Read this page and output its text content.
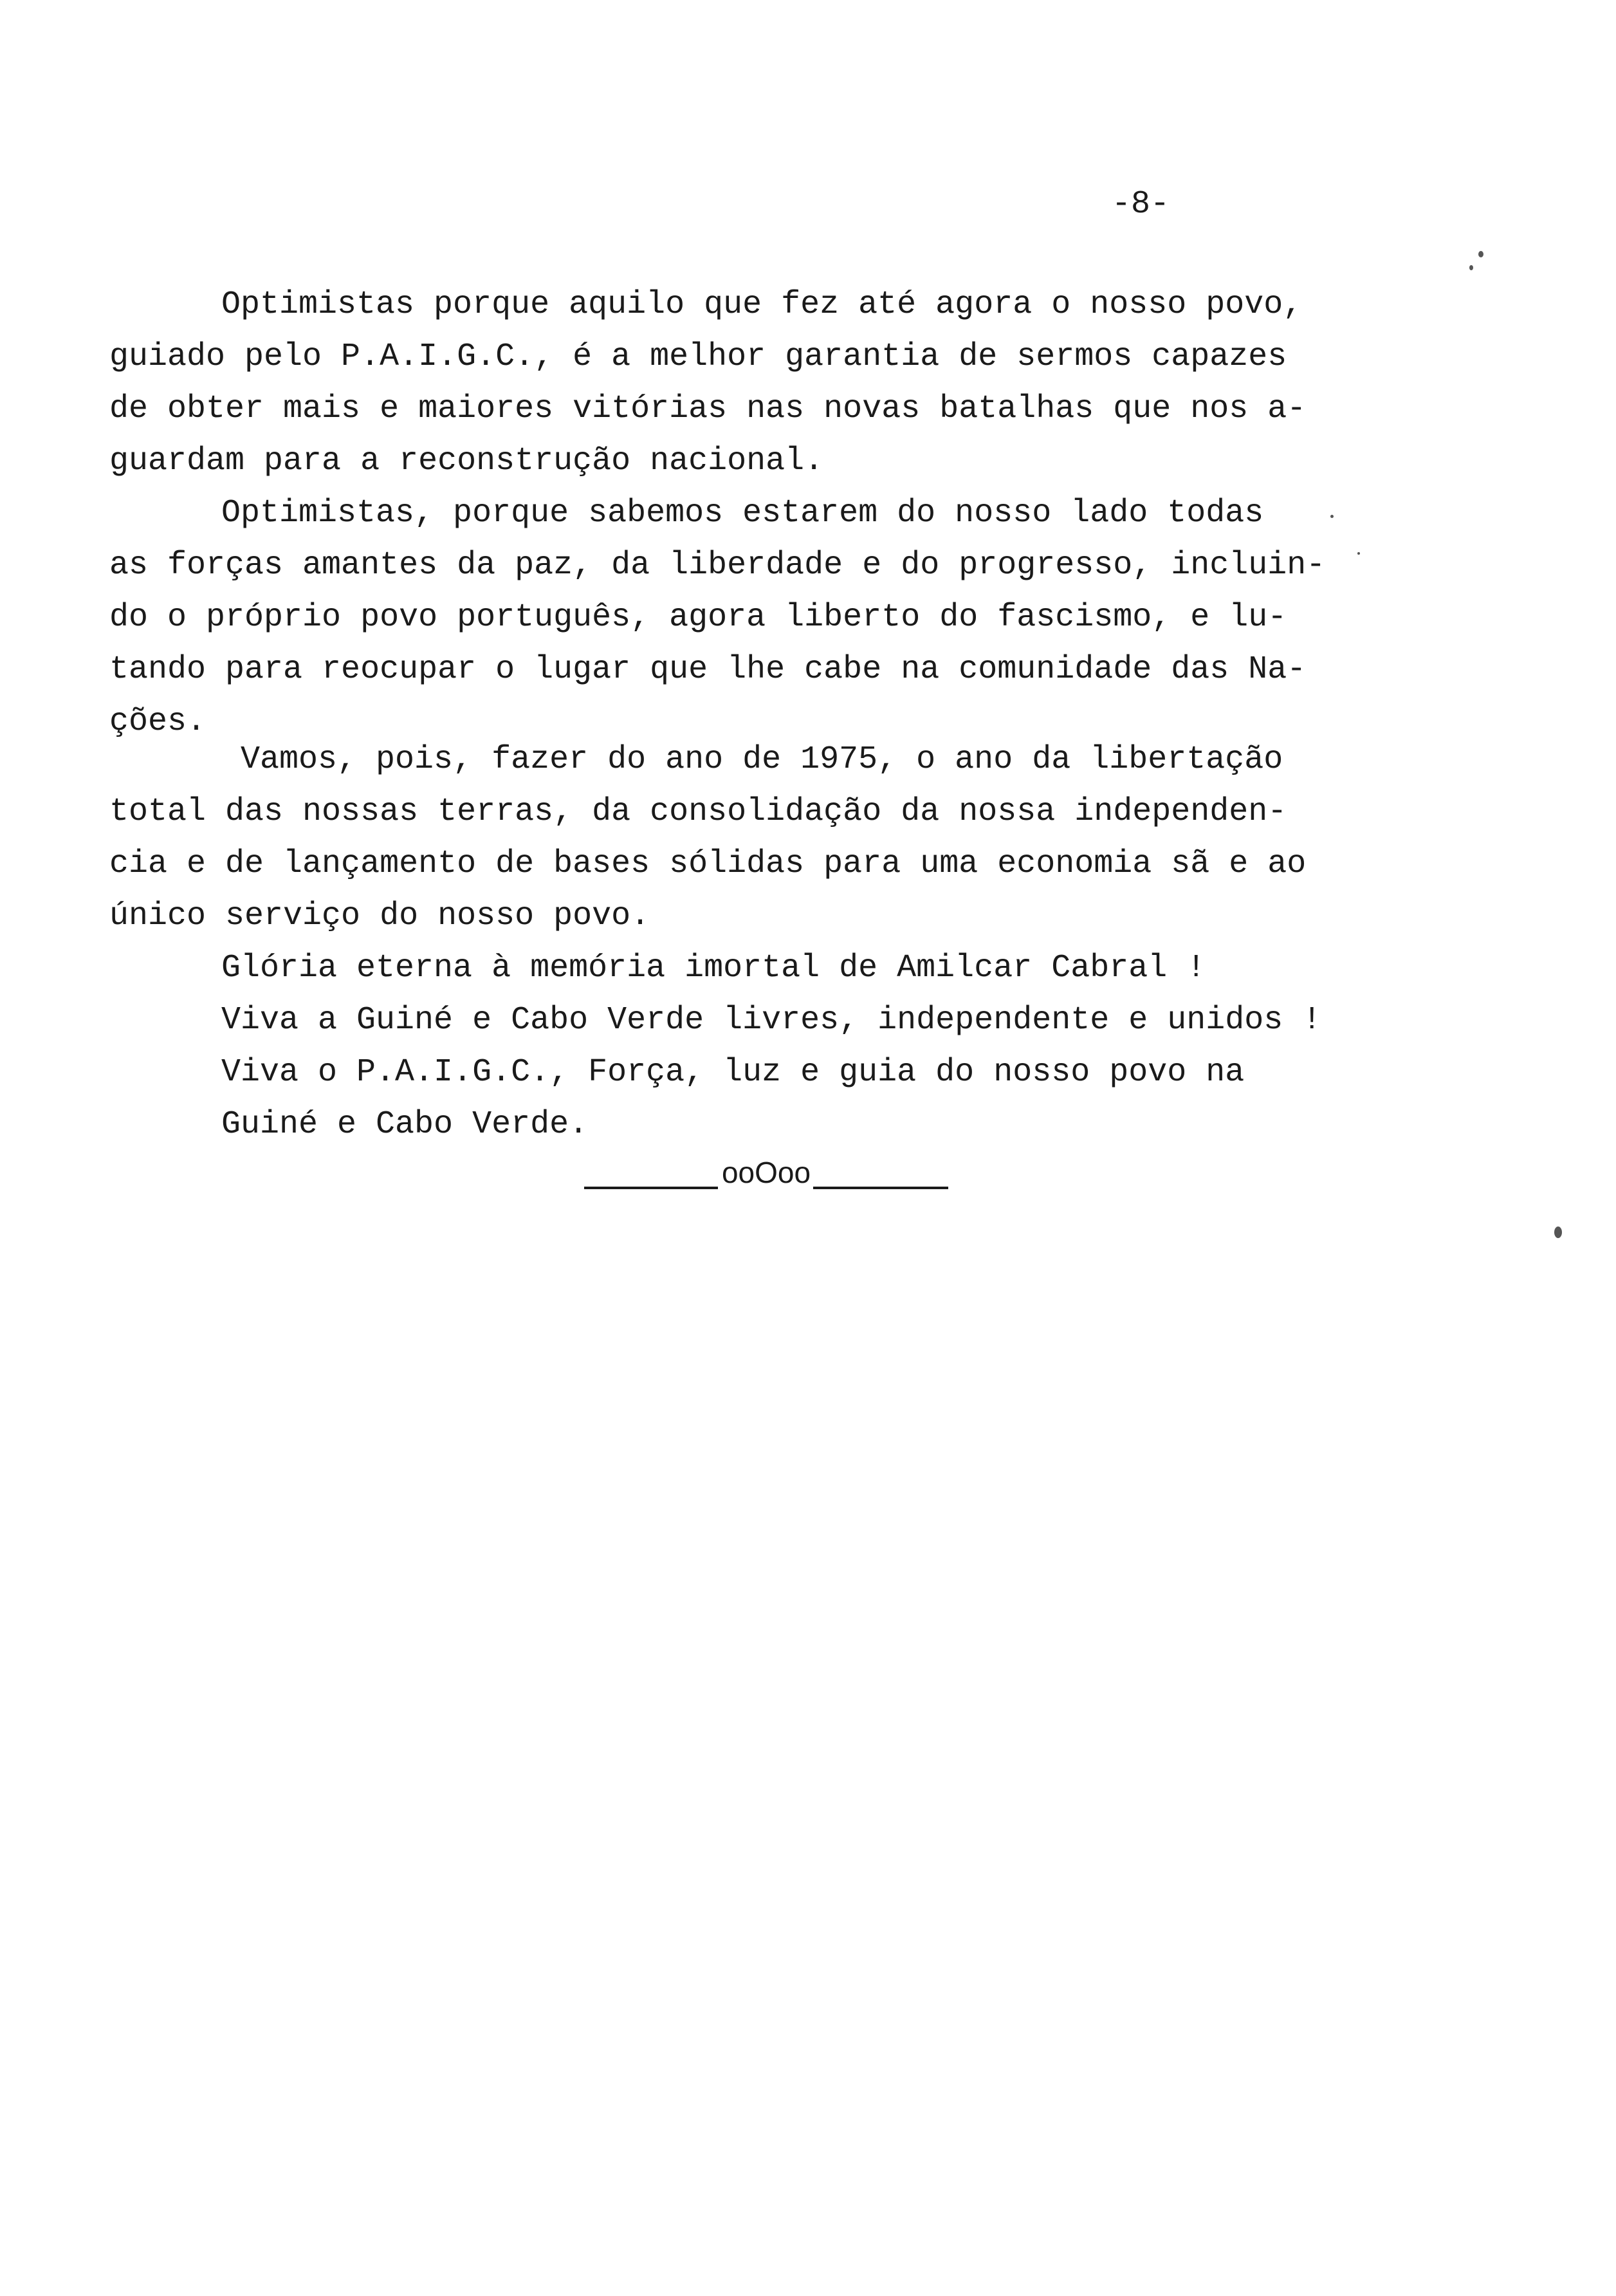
-8-
Optimistas porque aquilo que fez até agora o nosso povo,
guiado pelo P.A.I.G.C., é a melhor garantia de sermos capazes
de obter mais e maiores vitórias nas novas batalhas que nos a-
guardam para a reconstrução nacional.
Optimistas, porque sabemos estarem do nosso lado todas
as forças amantes da paz, da liberdade e do progresso, incluin-
do o próprio povo português, agora liberto do fascismo, e lu-
tando para reocupar o lugar que lhe cabe na comunidade das Na-
ções.
Vamos, pois, fazer do ano de 1975, o ano da libertação
total das nossas terras, da consolidação da nossa independen-
cia e de lançamento de bases sólidas para uma economia sã e ao
único serviço do nosso povo.
Glória eterna à memória imortal de Amilcar Cabral !
Viva a Guiné e Cabo Verde livres, independente e unidos !
Viva o P.A.I.G.C., Força, luz e guia do nosso povo na
Guiné e Cabo Verde.
ooOoo
